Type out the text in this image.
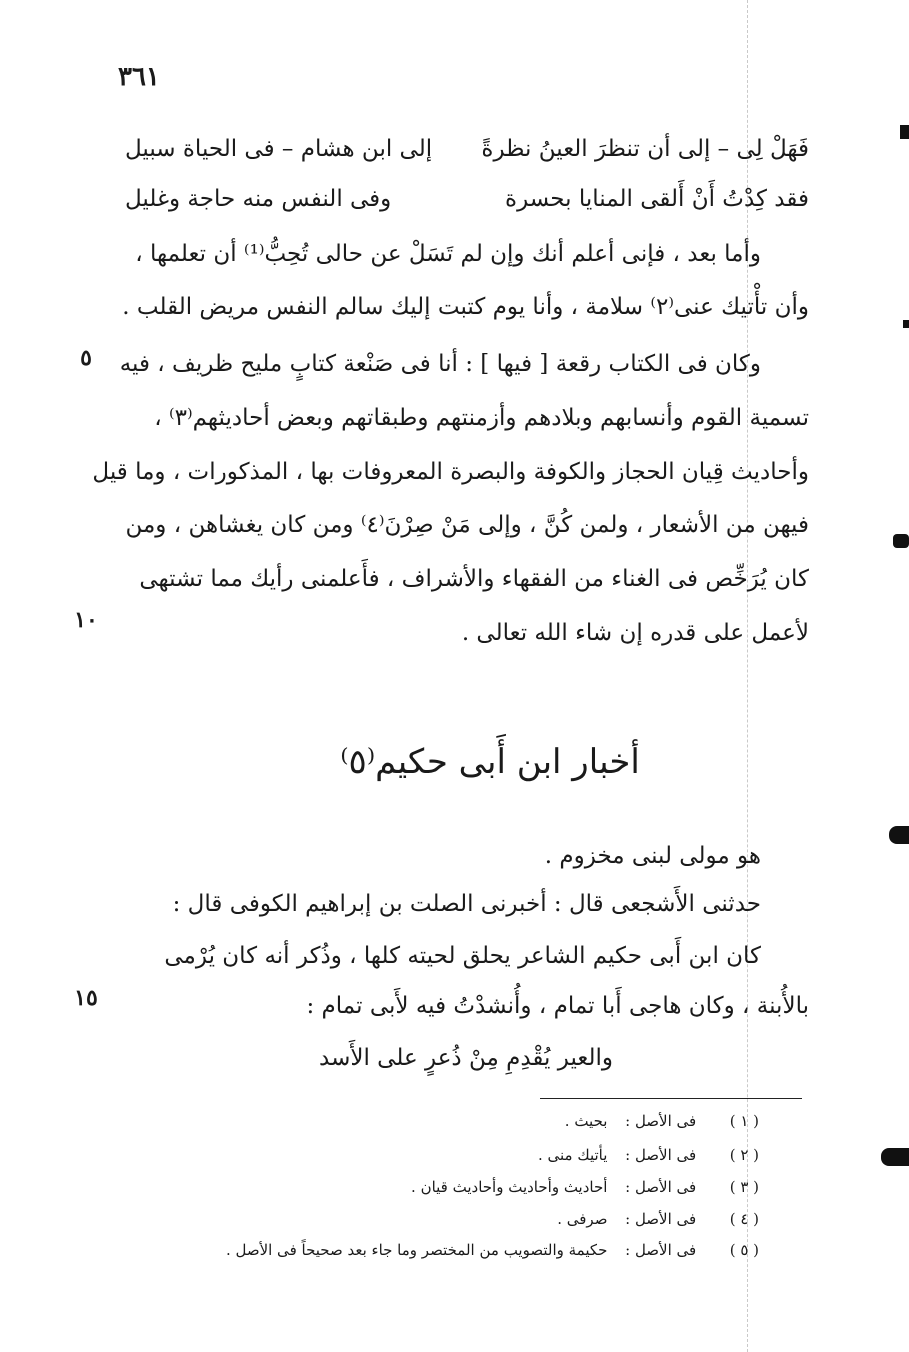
٣٦١
فَهَلْ لِى – إلى أن تنظرَ العينُ نظرةً
إلى ابن هشام – فى الحياة سبيل
فقد كِدْتُ أَنْ أَلقى المنايا بحسرة
وفى النفس منه حاجة وغليل
وأما بعد ، فإنى أعلم أنك وإن لم تَسَلْ عن حالى تُحِبُّ⁽¹⁾ أن تعلمها ،
وأن تأْتيك عنى⁽٢⁾ سلامة ، وأنا يوم كتبت إليك سالم النفس مريض القلب .
وكان فى الكتاب رقعة [ فيها ] : أنا فى صَنْعة كتابٍ مليح ظريف ، فيه
تسمية القوم وأنسابهم وبلادهم وأزمنتهم وطبقاتهم وبعض أحاديثهم⁽٣⁾ ،
وأحاديث قِيان الحجاز والكوفة والبصرة المعروفات بها ، المذكورات ، وما قيل
فيهن من الأشعار ، ولمن كُنَّ ، وإلى مَنْ صِرْنَ⁽٤⁾ ومن كان يغشاهن ، ومن
كان يُرَخِّص فى الغناء من الفقهاء والأشراف ، فأَعلمنى رأيك مما تشتهى
لأعمل على قدره إن شاء الله تعالى .
٥
١٠
أخبار ابن أَبى حكيم⁽٥⁾
هو مولى لبنى مخزوم .
حدثنى الأَشجعى قال : أخبرنى الصلت بن إبراهيم الكوفى قال :
كان ابن أَبى حكيم الشاعر يحلق لحيته كلها ، وذُكر أنه كان يُرْمى
بالأُبنة ، وكان هاجى أَبا تمام ، وأُنشدْتُ فيه لأَبى تمام :
والعير يُقْدِمِ مِنْ ذُعرٍ على الأَسد
١٥
( ١ ) فى الأصل : بحيث .
( ٢ ) فى الأصل : يأتيك منى .
( ٣ ) فى الأصل : أحاديث وأحاديث وأحاديث قيان .
( ٤ ) فى الأصل : صرفى .
( ٥ ) فى الأصل : حكيمة والتصويب من المختصر وما جاء بعد صحيحاً فى الأصل .
